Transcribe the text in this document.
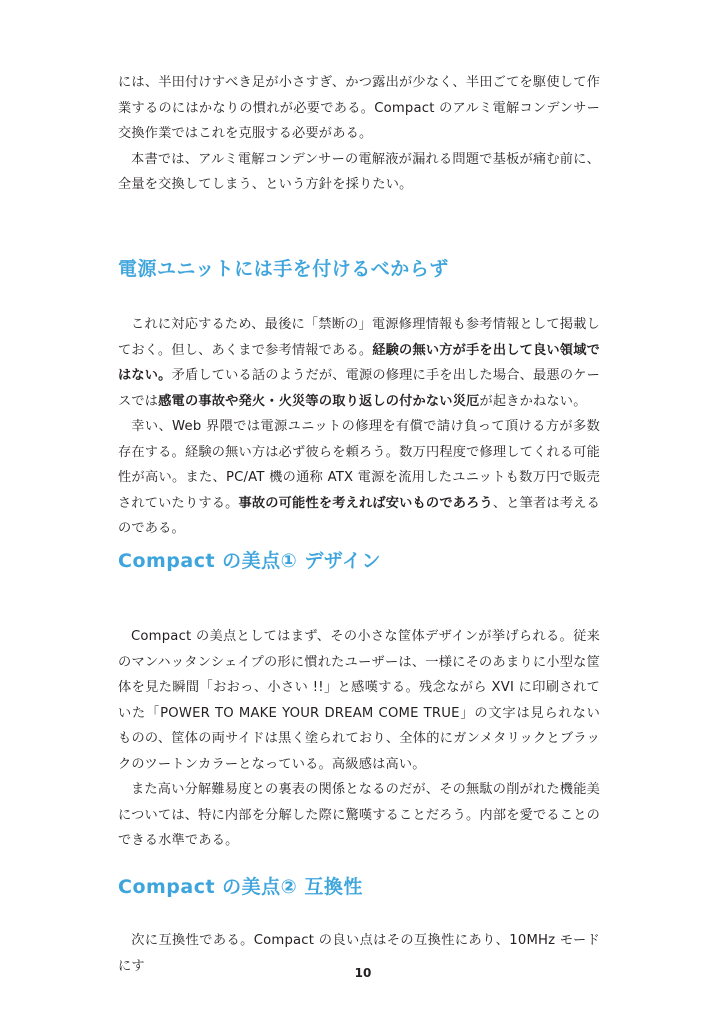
には、半田付けすべき足が小さすぎ、かつ露出が少なく、半田ごてを駆使して作業するのにはかなりの慣れが必要である。Compact のアルミ電解コンデンサー交換作業ではこれを克服する必要がある。
本書では、アルミ電解コンデンサーの電解液が漏れる問題で基板が痛む前に、全量を交換してしまう、という方針を採りたい。

電源ユニットには手を付けるべからず

これに対応するため、最後に「禁断の」電源修理情報も参考情報として掲載しておく。但し、あくまで参考情報である。経験の無い方が手を出して良い領域ではない。矛盾している話のようだが、電源の修理に手を出した場合、最悪のケースでは感電の事故や発火・火災等の取り返しの付かない災厄が起きかねない。
幸い、Web 界隈では電源ユニットの修理を有償で請け負って頂ける方が多数存在する。経験の無い方は必ず彼らを頼ろう。数万円程度で修理してくれる可能性が高い。また、PC/AT 機の通称 ATX 電源を流用したユニットも数万円で販売されていたりする。事故の可能性を考えれば安いものであろう、と筆者は考えるのである。

Compact の美点① デザイン

Compact の美点としてはまず、その小さな筐体デザインが挙げられる。従来のマンハッタンシェイプの形に慣れたユーザーは、一様にそのあまりに小型な筐体を見た瞬間「おおっ、小さい !!」と感嘆する。残念ながら XVI に印刷されていた「POWER TO MAKE YOUR DREAM COME TRUE」の文字は見られないものの、筐体の両サイドは黒く塗られており、全体的にガンメタリックとブラックのツートンカラーとなっている。高級感は高い。
また高い分解難易度との裏表の関係となるのだが、その無駄の削がれた機能美については、特に内部を分解した際に驚嘆することだろう。内部を愛でることのできる水準である。

Compact の美点② 互換性

次に互換性である。Compact の良い点はその互換性にあり、10MHz モードにす	10
